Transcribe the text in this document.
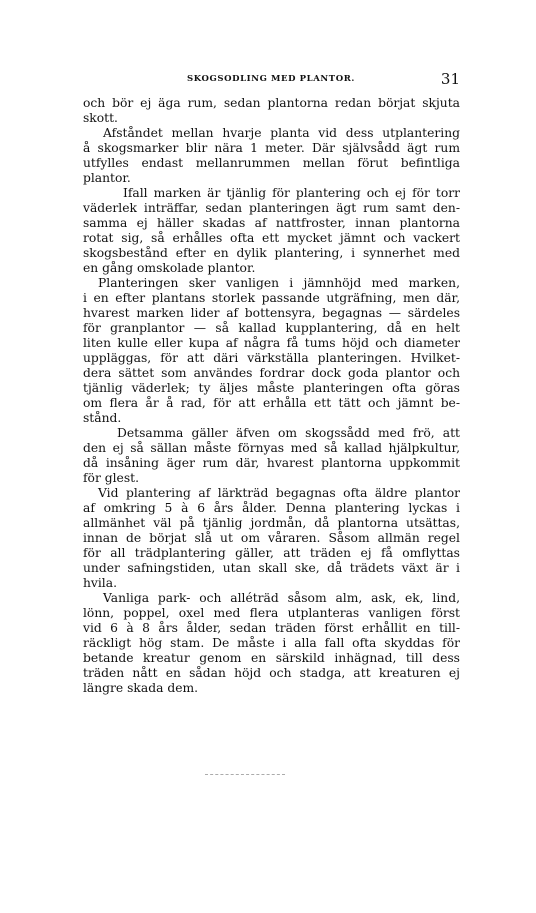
SKOGSODLING MED PLANTOR.	31
och bör ej äga rum, sedan plantorna redan börjat skjuta
skott.
Afståndet mellan hvarje planta vid dess utplantering
å skogsmarker blir nära 1 meter. Där självsådd ägt rum
utfylles endast mellanrummen mellan förut befintliga
plantor.
Ifall marken är tjänlig för plantering och ej för torr
väderlek inträffar, sedan planteringen ägt rum samt den-
samma ej häller skadas af nattfroster, innan plantorna
rotat sig, så erhålles ofta ett mycket jämnt och vackert
skogsbestånd efter en dylik plantering, i synnerhet med
en gång omskolade plantor.
Planteringen sker vanligen i jämnhöjd med marken,
i en efter plantans storlek passande utgräfning, men där,
hvarest marken lider af bottensyra, begagnas — särdeles
för granplantor — så kallad kupplantering, då en helt
liten kulle eller kupa af några få tums höjd och diameter
uppläggas, för att däri värkställa planteringen. Hvilket-
dera sättet som användes fordrar dock goda plantor och
tjänlig väderlek; ty äljes måste planteringen ofta göras
om flera år å rad, för att erhålla ett tätt och jämnt be-
stånd.
Detsamma gäller äfven om skogssådd med frö, att
den ej så sällan måste förnyas med så kallad hjälpkultur,
då insåning äger rum där, hvarest plantorna uppkommit
för glest.
Vid plantering af lärkträd begagnas ofta äldre plantor
af omkring 5 à 6 års ålder. Denna plantering lyckas i
allmänhet väl på tjänlig jordmån, då plantorna utsättas,
innan de börjat slå ut om våraren. Såsom allmän regel
för all trädplantering gäller, att träden ej få omflyttas
under safningstiden, utan skall ske, då trädets växt är i
hvila.
Vanliga park- och alléträd såsom alm, ask, ek, lind,
lönn, poppel, oxel med flera utplanteras vanligen först
vid 6 à 8 års ålder, sedan träden först erhållit en till-
räckligt hög stam. De måste i alla fall ofta skyddas för
betande kreatur genom en särskild inhägnad, till dess
träden nått en sådan höjd och stadga, att kreaturen ej
längre skada dem.
